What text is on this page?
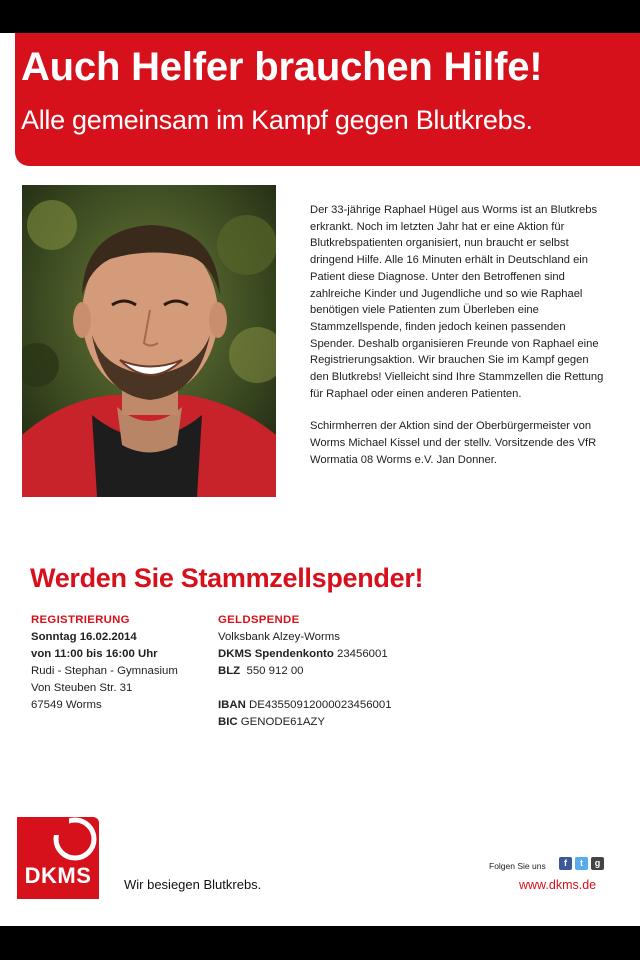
Auch Helfer brauchen Hilfe!
Alle gemeinsam im Kampf gegen Blutkrebs.

Der 33-jährige Raphael Hügel aus Worms ist an Blutkrebs erkrankt. Noch im letzten Jahr hat er eine Aktion für Blutkrebspatienten organisiert, nun braucht er selbst dringend Hilfe. Alle 16 Minuten erhält in Deutschland ein Patient diese Diagnose. Unter den Betroffenen sind zahlreiche Kinder und Jugendliche und so wie Raphael benötigen viele Patienten zum Überleben eine Stammzellspende, finden jedoch keinen passenden Spender. Deshalb organisieren Freunde von Raphael eine Registrierungsaktion. Wir brauchen Sie im Kampf gegen den Blutkrebs! Vielleicht sind Ihre Stammzellen die Rettung für Raphael oder einen anderen Patienten.

Schirmherren der Aktion sind der Oberbürgermeister von Worms Michael Kissel und der stellv. Vorsitzende des VfR Wormatia 08 Worms e.V. Jan Donner.

Werden Sie Stammzellspender!
REGISTRIERUNG
Sonntag 16.02.2014
von 11:00 bis 16:00 Uhr
Rudi - Stephan - Gymnasium
Von Steuben Str. 31
67549 Worms
GELDSPENDE
Volksbank Alzey-Worms
DKMS Spendenkonto 23456001
BLZ 550 912 00
IBAN DE43550912000023456001
BIC GENODE61AZY
DKMS	Wir besiegen Blutkrebs.
Folgen Sie uns	f	t	g
www.dkms.de
